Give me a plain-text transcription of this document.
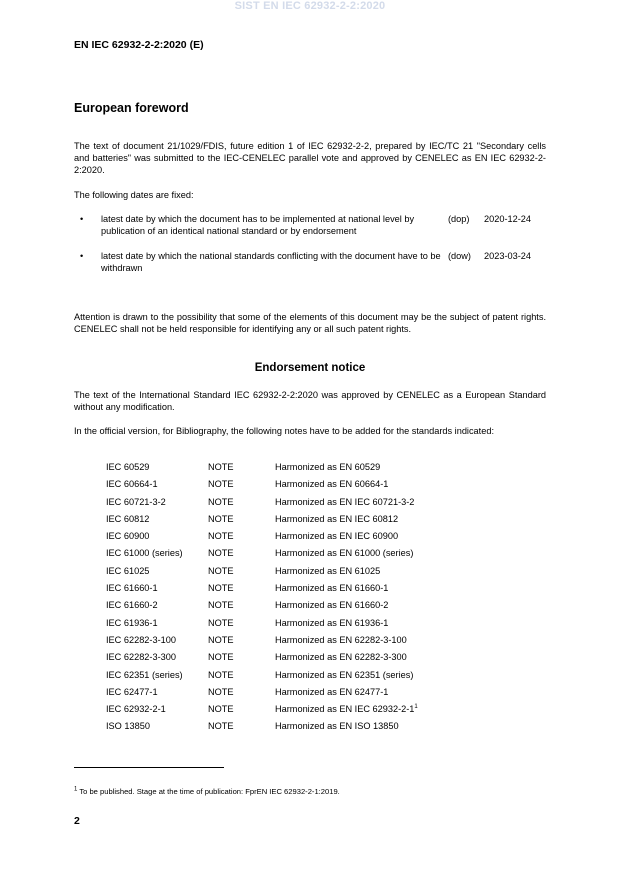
SIST EN IEC 62932-2-2:2020
EN IEC 62932-2-2:2020 (E)
European foreword
The text of document 21/1029/FDIS, future edition 1 of IEC 62932-2-2, prepared by IEC/TC 21 "Secondary cells and batteries" was submitted to the IEC-CENELEC parallel vote and approved by CENELEC as EN IEC 62932-2-2:2020.
The following dates are fixed:
• latest date by which the document has to be implemented at national level by publication of an identical national standard or by endorsement
(dop) 2020-12-24
• latest date by which the national standards conflicting with the document have to be withdrawn
(dow) 2023-03-24
Attention is drawn to the possibility that some of the elements of this document may be the subject of patent rights. CENELEC shall not be held responsible for identifying any or all such patent rights.
Endorsement notice
The text of the International Standard IEC 62932-2-2:2020 was approved by CENELEC as a European Standard without any modification.
In the official version, for Bibliography, the following notes have to be added for the standards indicated:
IEC 60529	NOTE	Harmonized as EN 60529
IEC 60664-1	NOTE	Harmonized as EN 60664-1
IEC 60721-3-2	NOTE	Harmonized as EN IEC 60721-3-2
IEC 60812	NOTE	Harmonized as EN IEC 60812
IEC 60900	NOTE	Harmonized as EN IEC 60900
IEC 61000 (series)	NOTE	Harmonized as EN 61000 (series)
IEC 61025	NOTE	Harmonized as EN 61025
IEC 61660-1	NOTE	Harmonized as EN 61660-1
IEC 61660-2	NOTE	Harmonized as EN 61660-2
IEC 61936-1	NOTE	Harmonized as EN 61936-1
IEC 62282-3-100	NOTE	Harmonized as EN 62282-3-100
IEC 62282-3-300	NOTE	Harmonized as EN 62282-3-300
IEC 62351 (series)	NOTE	Harmonized as EN 62351 (series)
IEC 62477-1	NOTE	Harmonized as EN 62477-1
IEC 62932-2-1	NOTE	Harmonized as EN IEC $62932-2-1^1$
ISO 13850	NOTE	Harmonized as EN ISO 13850
$^1$ To be published. Stage at the time of publication: FprEN IEC 62932-2-1:2019.
2
